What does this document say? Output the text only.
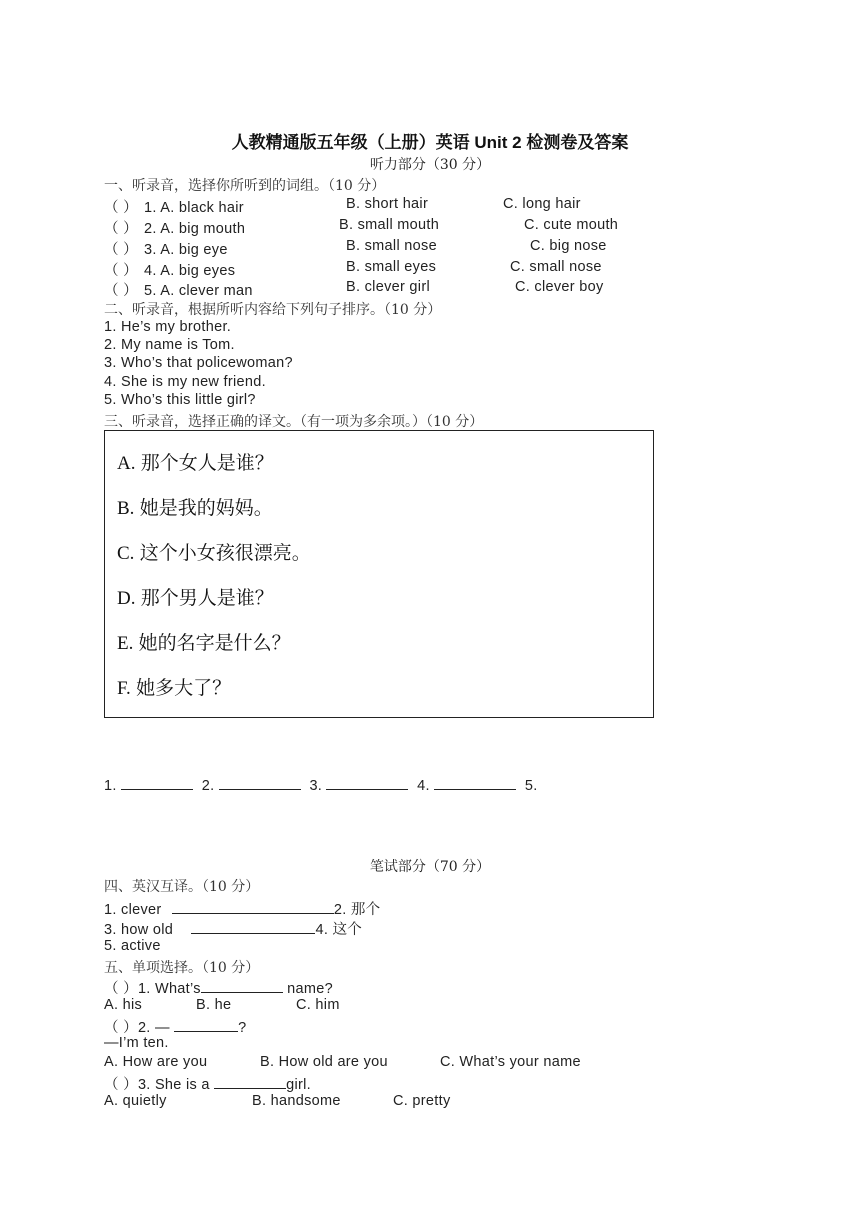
人教精通版五年级（上册）英语 Unit 2 检测卷及答案
听力部分（30 分）
一、听录音，选择你所听到的词组。（10 分）
（ ） 1. A. black hair	B. short hair	C. long hair
（ ） 2. A. big mouth	B. small mouth	C. cute mouth
（ ） 3. A. big eye	B. small nose	C. big nose
（ ） 4. A. big eyes	B. small eyes	C. small nose
（ ） 5. A. clever man	B. clever girl	C. clever boy
二、听录音，根据所听内容给下列句子排序。（10 分）
1. He’s my brother.
2. My name is Tom.
3. Who’s that policewoman?
4. She is my new friend.
5. Who’s this little girl?
三、听录音，选择正确的译文。（有一项为多余项。）（10 分）
A. 那个女人是谁？
B. 她是我的妈妈。
C. 这个小女孩很漂亮。
D. 那个男人是谁？
E. 她的名字是什么？
F. 她多大了？
1.	2.	3.	4.	5.
笔试部分（70 分）
四、英汉互译。（10 分）
1. clever	2. 那个
3. how old	4. 这个
5. active
五、单项选择。（10 分）
（ ）1. What’s	name?
A. his	B. he	C. him
（ ）2. —	?
—I’m ten.
A. How are you	B. How old are you	C. What’s your name
（ ）3. She is a	girl.
A. quietly	B. handsome	C. pretty
